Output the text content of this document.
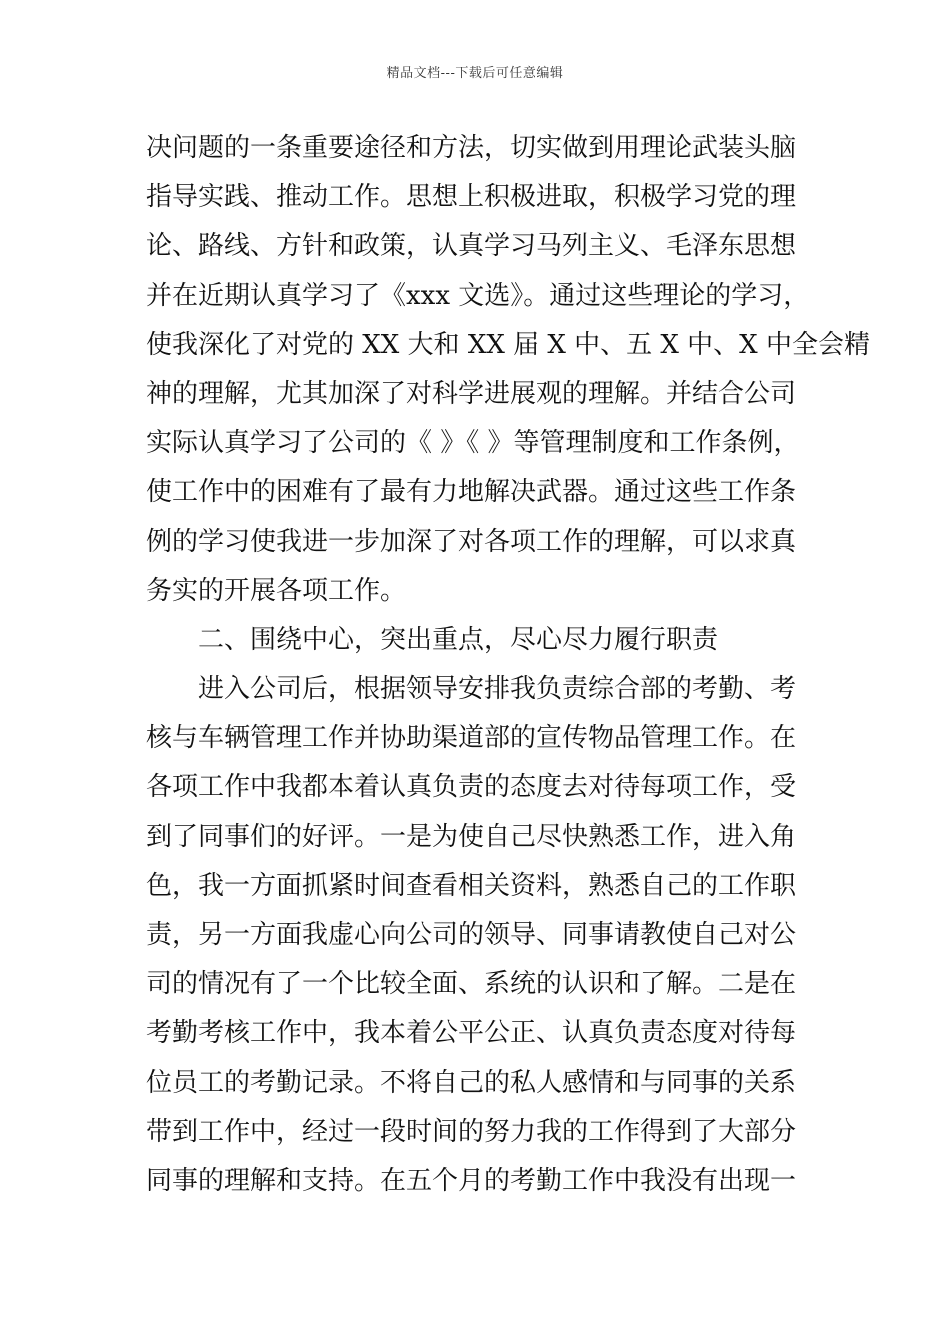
精品文档---下载后可任意编辑
决问题的一条重要途径和方法，切实做到用理论武装头脑
指导实践、推动工作。思想上积极进取，积极学习党的理
论、路线、方针和政策，认真学习马列主义、毛泽东思想
并在近期认真学习了《xxx 文选》。通过这些理论的学习，
使我深化了对党的 XX 大和 XX 届 X 中、五 X 中、X 中全会精
神的理解，尤其加深了对科学进展观的理解。并结合公司
实际认真学习了公司的《 》《 》等管理制度和工作条例，
使工作中的困难有了最有力地解决武器。通过这些工作条
例的学习使我进一步加深了对各项工作的理解，可以求真
务实的开展各项工作。
二、围绕中心，突出重点，尽心尽力履行职责
进入公司后，根据领导安排我负责综合部的考勤、考
核与车辆管理工作并协助渠道部的宣传物品管理工作。在
各项工作中我都本着认真负责的态度去对待每项工作，受
到了同事们的好评。一是为使自己尽快熟悉工作，进入角
色，我一方面抓紧时间查看相关资料，熟悉自己的工作职
责，另一方面我虚心向公司的领导、同事请教使自己对公
司的情况有了一个比较全面、系统的认识和了解。二是在
考勤考核工作中，我本着公平公正、认真负责态度对待每
位员工的考勤记录。不将自己的私人感情和与同事的关系
带到工作中，经过一段时间的努力我的工作得到了大部分
同事的理解和支持。在五个月的考勤工作中我没有出现一
